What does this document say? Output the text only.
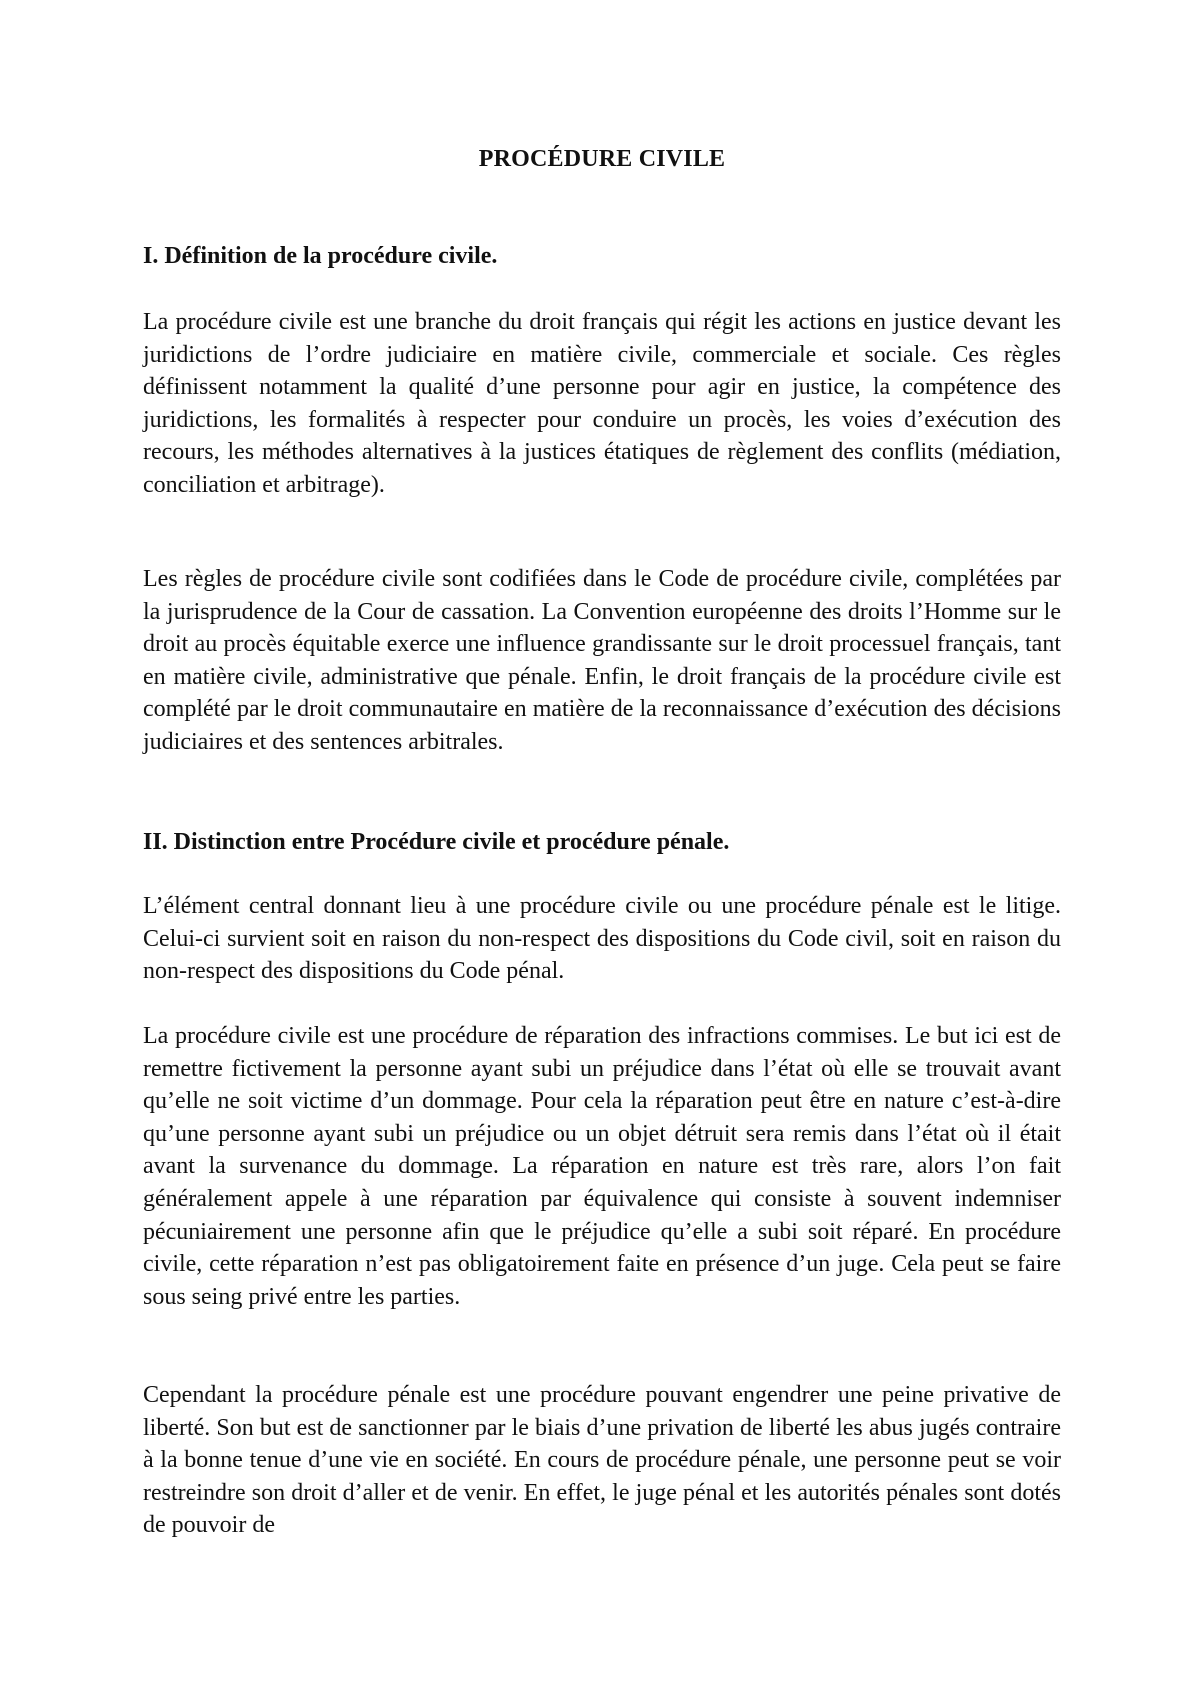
PROCÉDURE CIVILE
I. Définition de la procédure civile.

La procédure civile est une branche du droit français qui régit les actions en justice devant les juridictions de l’ordre judiciaire en matière civile, commerciale et sociale. Ces règles définissent notamment la qualité d’une personne pour agir en justice, la compétence des juridictions, les formalités à respecter pour conduire un procès, les voies d’exécution des recours, les méthodes alternatives à la justices étatiques de règlement des conflits (médiation, conciliation et arbitrage).

Les règles de procédure civile sont codifiées dans le Code de procédure civile, complétées par la jurisprudence de la Cour de cassation. La Convention européenne des droits l’Homme sur le droit au procès équitable exerce une influence grandissante sur le droit processuel français, tant en matière civile, administrative que pénale. Enfin, le droit français de la procédure civile est complété par le droit communautaire en matière de la reconnaissance d’exécution des décisions judiciaires et des sentences arbitrales.

II. Distinction entre Procédure civile et procédure pénale.

L’élément central donnant lieu à une procédure civile ou une procédure pénale est le litige. Celui-ci survient soit en raison du non-respect des dispositions du Code civil, soit en raison du non-respect des dispositions du Code pénal.

La procédure civile est une procédure de réparation des infractions commises. Le but ici est de remettre fictivement la personne ayant subi un préjudice dans l’état où elle se trouvait avant qu’elle ne soit victime d’un dommage. Pour cela la réparation peut être en nature c’est-à-dire qu’une personne ayant subi un préjudice ou un objet détruit sera remis dans l’état où il était avant la survenance du dommage. La réparation en nature est très rare, alors l’on fait généralement appele à une réparation par équivalence qui consiste à souvent indemniser pécuniairement une personne afin que le préjudice qu’elle a subi soit réparé. En procédure civile, cette réparation n’est pas obligatoirement faite en présence d’un juge. Cela peut se faire sous seing privé entre les parties.

Cependant la procédure pénale est une procédure pouvant engendrer une peine privative de liberté. Son but est de sanctionner par le biais d’une privation de liberté les abus jugés contraire à la bonne tenue d’une vie en société. En cours de procédure pénale, une personne peut se voir restreindre son droit d’aller et de venir. En effet, le juge pénal et les autorités pénales sont dotés de pouvoir de
